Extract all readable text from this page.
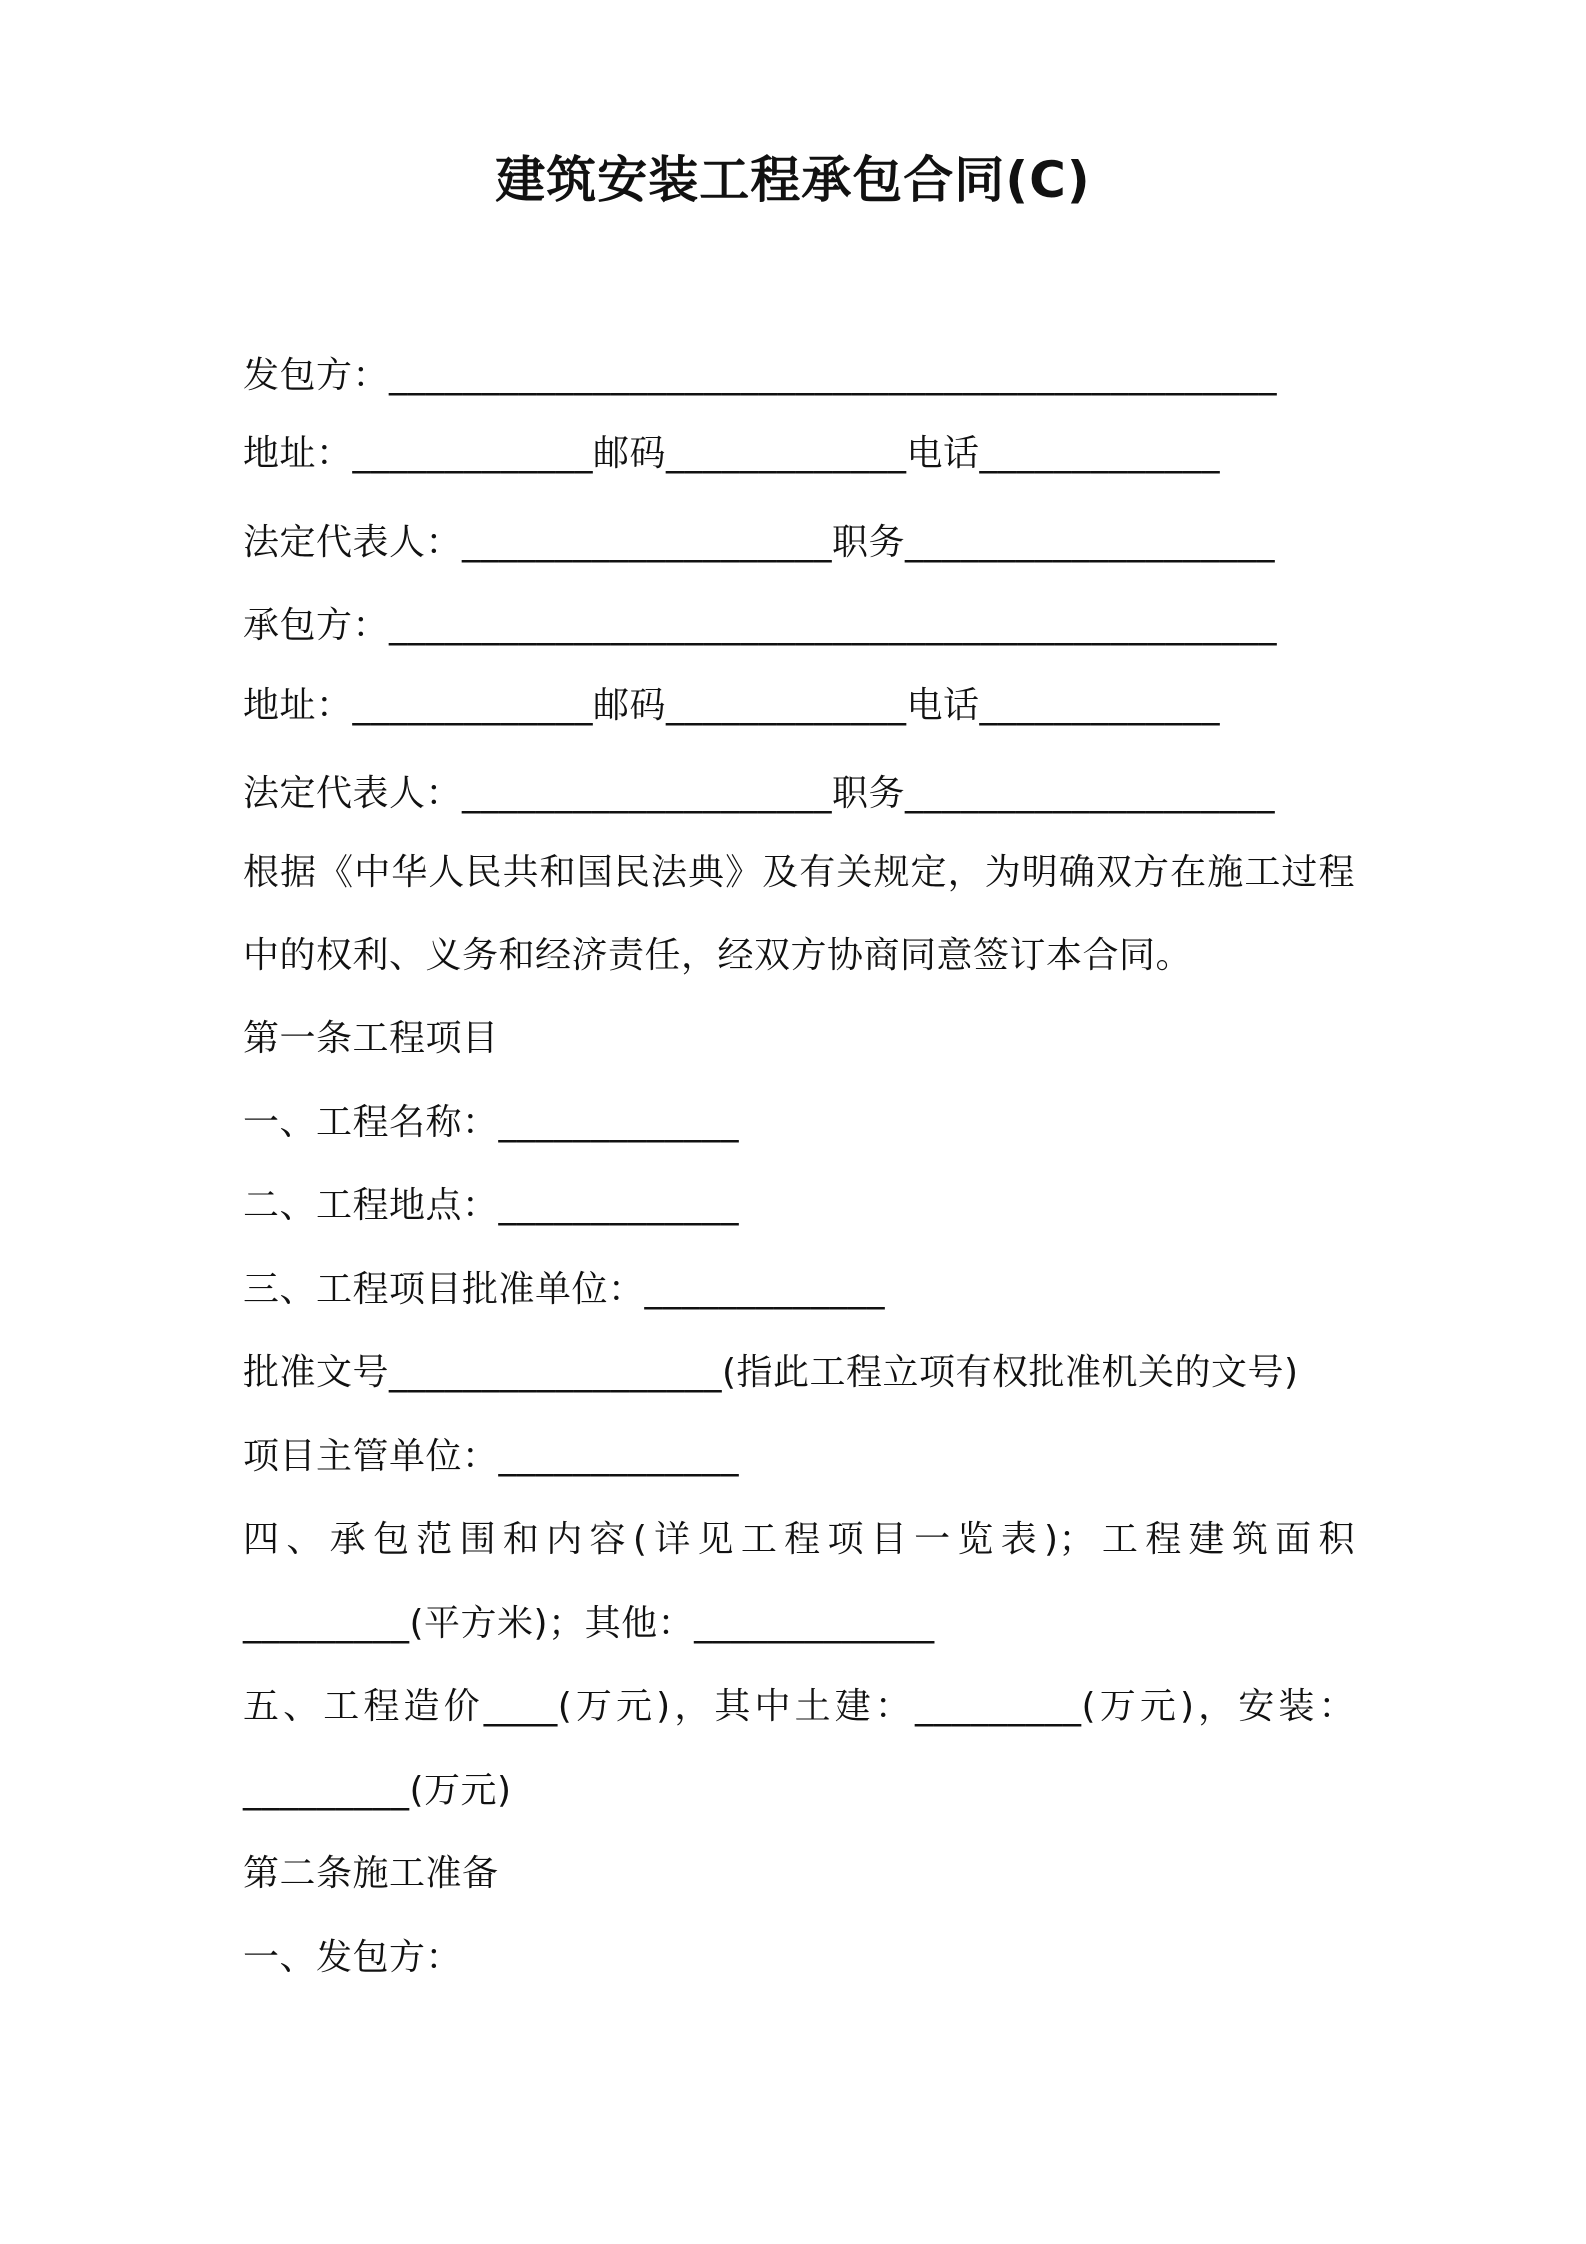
建筑安装工程承包合同(C)
发包方：________________________________________________
地址：_____________邮码_____________电话_____________
法定代表人：____________________职务____________________
承包方：________________________________________________
地址：_____________邮码_____________电话_____________
法定代表人：____________________职务____________________
根据《中华人民共和国民法典》及有关规定，为明确双方在施工过程
中的权利、义务和经济责任，经双方协商同意签订本合同。
第一条工程项目
一、工程名称：_____________
二、工程地点：_____________
三、工程项目批准单位：_____________
批准文号__________________(指此工程立项有权批准机关的文号)
项目主管单位：_____________
四、承包范围和内容(详见工程项目一览表)；工程建筑面积
_________(平方米)；其他：_____________
五、工程造价____(万元)，其中土建：_________(万元)，安装：
_________(万元)
第二条施工准备
一、发包方：
